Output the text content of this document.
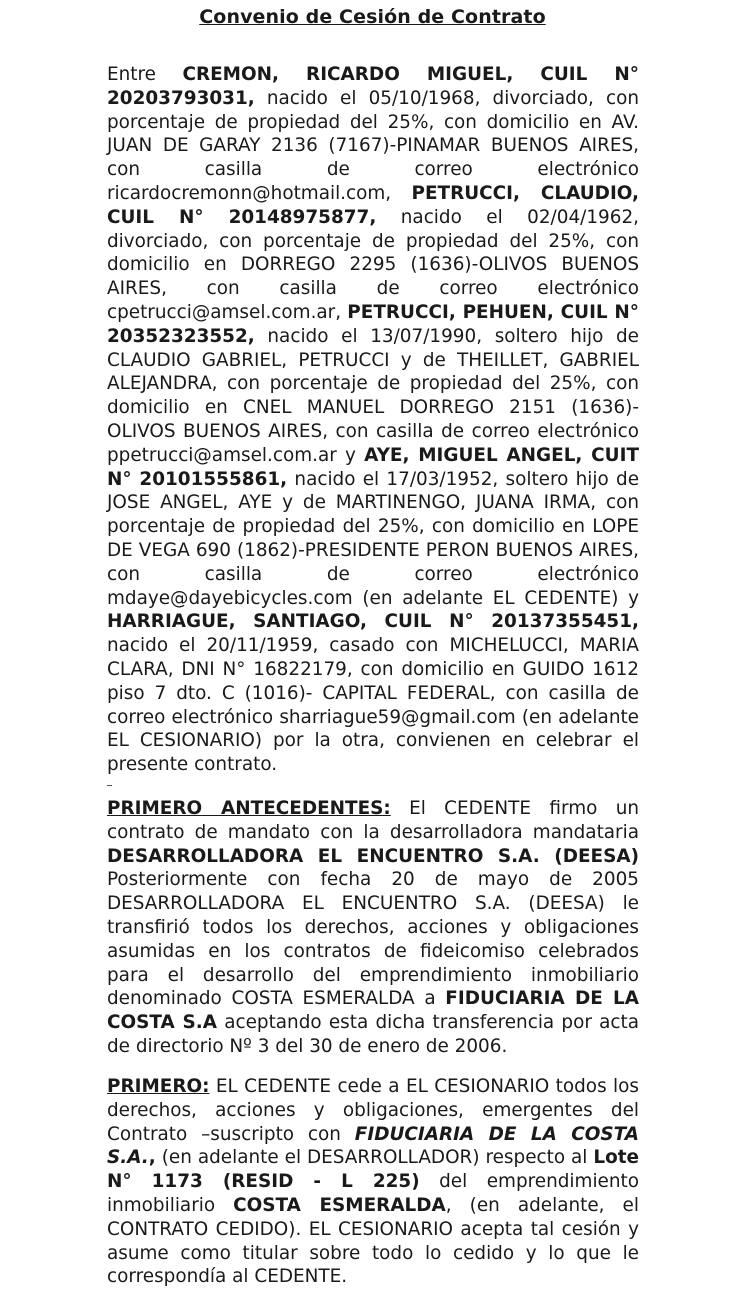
Convenio de Cesión de Contrato

Entre CREMON, RICARDO MIGUEL, CUIL N° 20203793031, nacido el 05/10/1968, divorciado, con porcentaje de propiedad del 25%, con domicilio en AV. JUAN DE GARAY 2136 (7167)-PINAMAR BUENOS AIRES, con casilla de correo electrónico ricardocremonn@hotmail.com, PETRUCCI, CLAUDIO, CUIL N° 20148975877, nacido el 02/04/1962, divorciado, con porcentaje de propiedad del 25%, con domicilio en DORREGO 2295 (1636)-OLIVOS BUENOS AIRES, con casilla de correo electrónico cpetrucci@amsel.com.ar, PETRUCCI, PEHUEN, CUIL N° 20352323552, nacido el 13/07/1990, soltero hijo de CLAUDIO GABRIEL, PETRUCCI y de THEILLET, GABRIEL ALEJANDRA, con porcentaje de propiedad del 25%, con domicilio en CNEL MANUEL DORREGO 2151 (1636)-OLIVOS BUENOS AIRES, con casilla de correo electrónico ppetrucci@amsel.com.ar y AYE, MIGUEL ANGEL, CUIT N° 20101555861, nacido el 17/03/1952, soltero hijo de JOSE ANGEL, AYE y de MARTINENGO, JUANA IRMA, con porcentaje de propiedad del 25%, con domicilio en LOPE DE VEGA 690 (1862)-PRESIDENTE PERON BUENOS AIRES, con casilla de correo electrónico mdaye@dayebicycles.com (en adelante EL CEDENTE) y HARRIAGUE, SANTIAGO, CUIL N° 20137355451, nacido el 20/11/1959, casado con MICHELUCCI, MARIA CLARA, DNI N° 16822179, con domicilio en GUIDO 1612 piso 7 dto. C (1016)- CAPITAL FEDERAL, con casilla de correo electrónico sharriague59@gmail.com (en adelante EL CESIONARIO) por la otra, convienen en celebrar el presente contrato.

PRIMERO ANTECEDENTES: El CEDENTE firmo un contrato de mandato con la desarrolladora mandataria DESARROLLADORA EL ENCUENTRO S.A. (DEESA) Posteriormente con fecha 20 de mayo de 2005 DESARROLLADORA EL ENCUENTRO S.A. (DEESA) le transfirió todos los derechos, acciones y obligaciones asumidas en los contratos de fideicomiso celebrados para el desarrollo del emprendimiento inmobiliario denominado COSTA ESMERALDA a FIDUCIARIA DE LA COSTA S.A aceptando esta dicha transferencia por acta de directorio Nº 3 del 30 de enero de 2006.

PRIMERO: EL CEDENTE cede a EL CESIONARIO todos los derechos, acciones y obligaciones, emergentes del Contrato –suscripto con FIDUCIARIA DE LA COSTA S.A., (en adelante el DESARROLLADOR) respecto al Lote N° 1173 (RESID - L 225) del emprendimiento inmobiliario COSTA ESMERALDA, (en adelante, el CONTRATO CEDIDO). EL CESIONARIO acepta tal cesión y asume como titular sobre todo lo cedido y lo que le correspondía al CEDENTE.
